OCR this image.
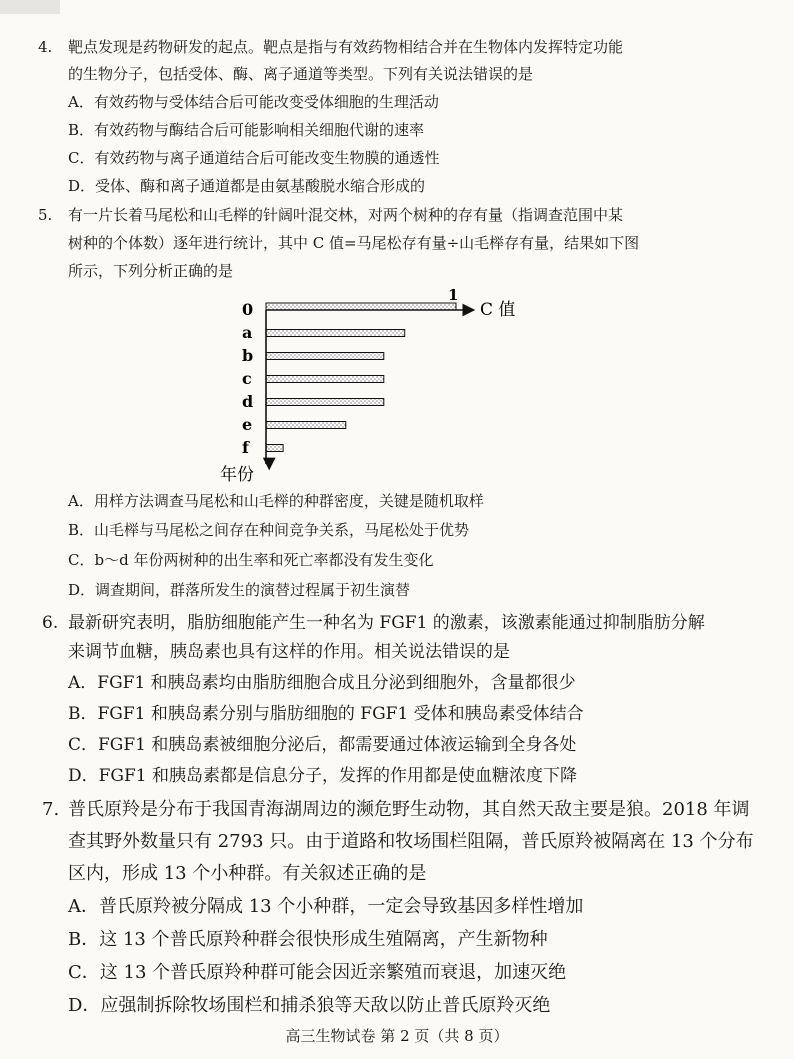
4. 靶点发现是药物研发的起点。靶点是指与有效药物相结合并在生物体内发挥特定功能
的生物分子，包括受体、酶、离子通道等类型。下列有关说法错误的是
A．有效药物与受体结合后可能改变受体细胞的生理活动
B．有效药物与酶结合后可能影响相关细胞代谢的速率
C．有效药物与离子通道结合后可能改变生物膜的通透性
D．受体、酶和离子通道都是由氨基酸脱水缩合形成的
5. 有一片长着马尾松和山毛榉的针阔叶混交林，对两个树种的存有量（指调查范围中某
树种的个体数）逐年进行统计，其中 C 值=马尾松存有量÷山毛榉存有量，结果如下图
所示，下列分析正确的是
0
a
b
c
d
e
f
C 值
1
年份
A．用样方法调查马尾松和山毛榉的种群密度，关键是随机取样
B．山毛榉与马尾松之间存在种间竞争关系，马尾松处于优势
C．b～d 年份两树种的出生率和死亡率都没有发生变化
D．调查期间，群落所发生的演替过程属于初生演替
6. 最新研究表明，脂肪细胞能产生一种名为 FGF1 的激素，该激素能通过抑制脂肪分解
来调节血糖，胰岛素也具有这样的作用。相关说法错误的是
A．FGF1 和胰岛素均由脂肪细胞合成且分泌到细胞外，含量都很少
B．FGF1 和胰岛素分别与脂肪细胞的 FGF1 受体和胰岛素受体结合
C．FGF1 和胰岛素被细胞分泌后，都需要通过体液运输到全身各处
D．FGF1 和胰岛素都是信息分子，发挥的作用都是使血糖浓度下降
7. 普氏原羚是分布于我国青海湖周边的濒危野生动物，其自然天敌主要是狼。2018 年调
查其野外数量只有 2793 只。由于道路和牧场围栏阻隔，普氏原羚被隔离在 13 个分布
区内，形成 13 个小种群。有关叙述正确的是
A．普氏原羚被分隔成 13 个小种群，一定会导致基因多样性增加
B．这 13 个普氏原羚种群会很快形成生殖隔离，产生新物种
C．这 13 个普氏原羚种群可能会因近亲繁殖而衰退，加速灭绝
D．应强制拆除牧场围栏和捕杀狼等天敌以防止普氏原羚灭绝
高三生物试卷 第 2 页（共 8 页）
